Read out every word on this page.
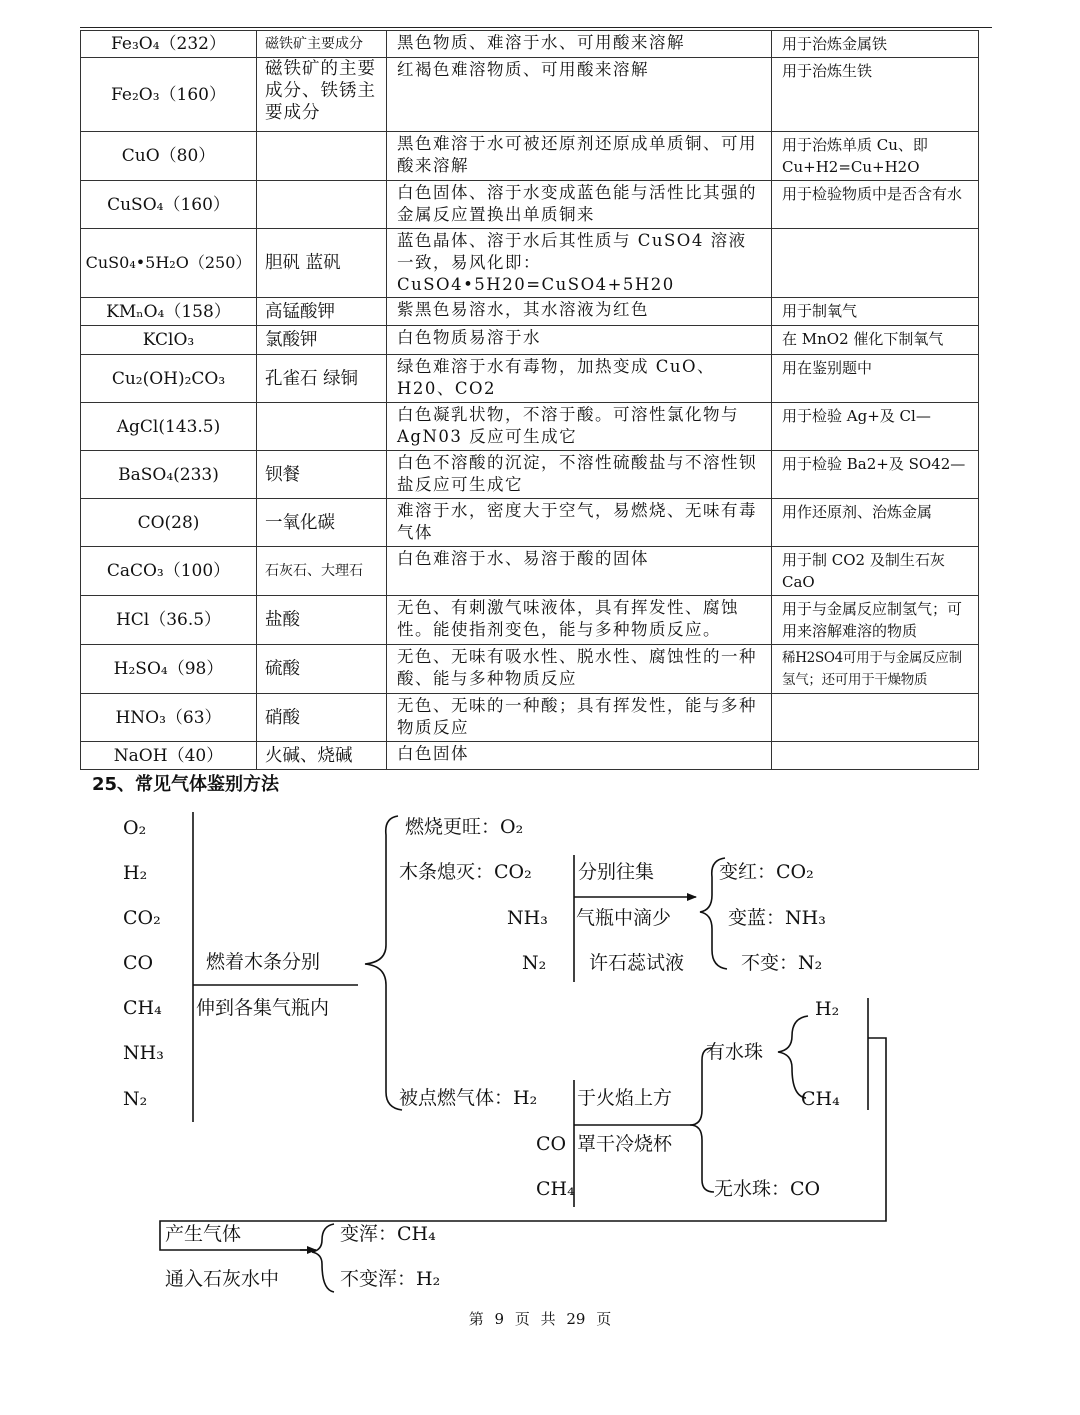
Fe₃O₄（232）	磁铁矿主要成分	黑色物质、难溶于水、可用酸来溶解	用于治炼金属铁
Fe₂O₃（160）	磁铁矿的主要成分、铁锈主要成分	红褐色难溶物质、可用酸来溶解	用于治炼生铁
CuO（80）		黑色难溶于水可被还原剂还原成单质铜、可用酸来溶解	用于治炼单质 Cu、即 Cu+H2=Cu+H2O
CuSO₄（160）		白色固体、溶于水变成蓝色能与活性比其强的金属反应置换出单质铜来	用于检验物质中是否含有水
CuS0₄•5H₂O（250）	胆矾 蓝矾	蓝色晶体、溶于水后其性质与 CuSO4 溶液一致，易风化即： CuSO4•5H20=CuSO4+5H20	
KMₙO₄（158）	高锰酸钾	紫黑色易溶水，其水溶液为红色	用于制氧气
KClO₃	氯酸钾	白色物质易溶于水	在 MnO2 催化下制氧气
Cu₂(OH)₂CO₃	孔雀石 绿铜	绿色难溶于水有毒物，加热变成 CuO、H20、CO2	用在鉴别题中
AgCl(143.5)		白色凝乳状物，不溶于酸。可溶性氯化物与 AgN03 反应可生成它	用于检验 Ag+及 Cl—
BaSO₄(233)	钡餐	白色不溶酸的沉淀，不溶性硫酸盐与不溶性钡盐反应可生成它	用于检验 Ba2+及 SO42—
CO(28)	一氧化碳	难溶于水，密度大于空气，易燃烧、无味有毒气体	用作还原剂、治炼金属
CaCO₃（100）	石灰石、大理石	白色难溶于水、易溶于酸的固体	用于制 CO2 及制生石灰 CaO
HCl（36.5）	盐酸	无色、有刺激气味液体，具有挥发性、腐蚀性。能使指剂变色，能与多种物质反应。	用于与金属反应制氢气；可用来溶解难溶的物质
H₂SO₄（98）	硫酸	无色、无味有吸水性、脱水性、腐蚀性的一种酸、能与多种物质反应	稀H2SO4可用于与金属反应制氢气；还可用于干燥物质
HNO₃（63）	硝酸	无色、无味的一种酸；具有挥发性，能与多种物质反应	
NaOH（40）	火碱、烧碱	白色固体	
25、常见气体鉴别方法
O₂
H₂
CO₂
CO
CH₄
NH₃
N₂
燃着木条分别
伸到各集气瓶内
燃烧更旺：O₂
木条熄灭：CO₂
NH₃
N₂
分别往集
气瓶中滴少
许石蕊试液
变红：CO₂
变蓝：NH₃
不变：N₂
被点燃气体：H₂
CO
CH₄
于火焰上方
罩干冷烧杯
有水珠
H₂
CH₄
无水珠：CO
产生气体
通入石灰水中
变浑：CH₄
不变浑：H₂
第 9 页 共 29 页
